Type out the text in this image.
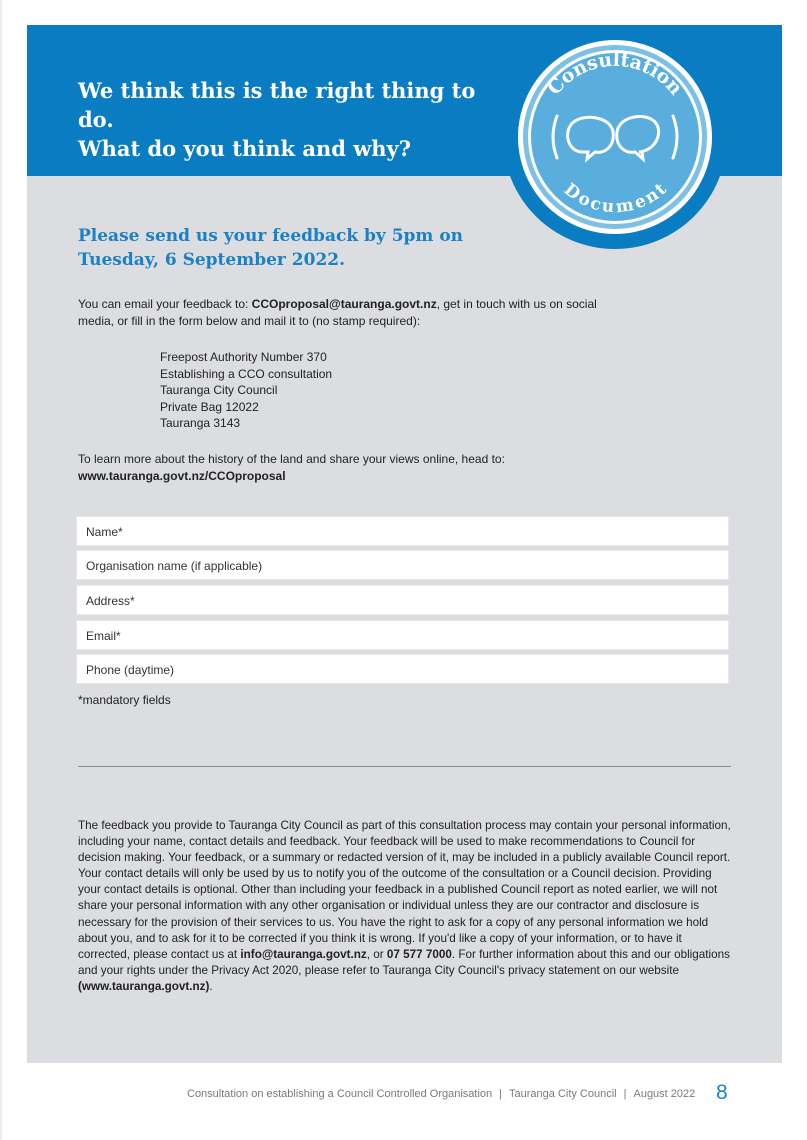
We think this is the right thing to do.
What do you think and why?
Consultation
Document
Please send us your feedback by 5pm on
Tuesday, 6 September 2022.

You can email your feedback to: CCOproposal@tauranga.govt.nz, get in touch with us on social media, or fill in the form below and mail it to (no stamp required):

Freepost Authority Number 370
Establishing a CCO consultation
Tauranga City Council
Private Bag 12022
Tauranga 3143

To learn more about the history of the land and share your views online, head to:
www.tauranga.govt.nz/CCOproposal

Name*
Organisation name (if applicable)
Address*
Email*
Phone (daytime)

*mandatory fields

The feedback you provide to Tauranga City Council as part of this consultation process may contain your personal information, including your name, contact details and feedback. Your feedback will be used to make recommendations to Council for decision making. Your feedback, or a summary or redacted version of it, may be included in a publicly available Council report. Your contact details will only be used by us to notify you of the outcome of the consultation or a Council decision. Providing your contact details is optional. Other than including your feedback in a published Council report as noted earlier, we will not share your personal information with any other organisation or individual unless they are our contractor and disclosure is necessary for the provision of their services to us. You have the right to ask for a copy of any personal information we hold about you, and to ask for it to be corrected if you think it is wrong. If you'd like a copy of your information, or to have it corrected, please contact us at info@tauranga.govt.nz, or 07 577 7000. For further information about this and our obligations and your rights under the Privacy Act 2020, please refer to Tauranga City Council's privacy statement on our website (www.tauranga.govt.nz).

Consultation on establishing a Council Controlled Organisation | Tauranga City Council | August 2022 8
